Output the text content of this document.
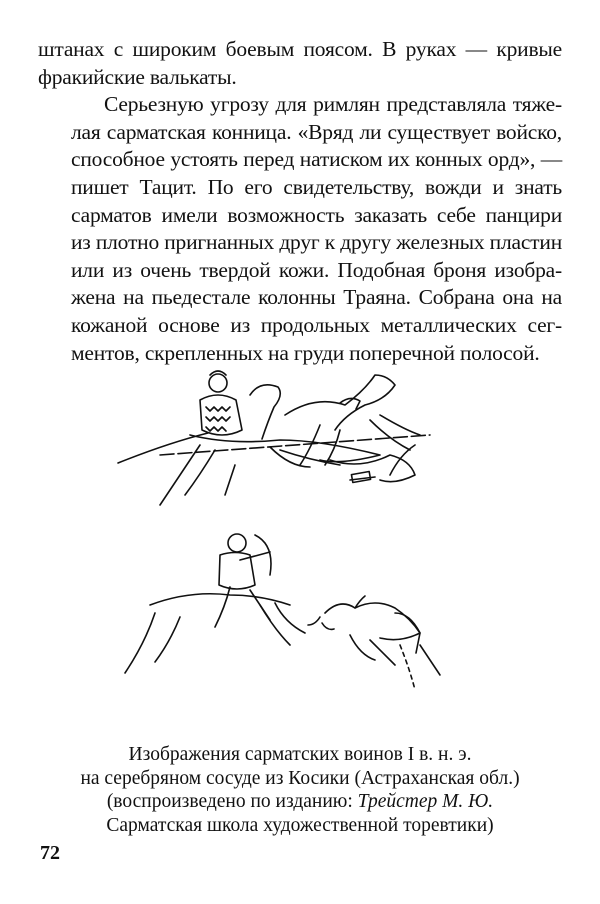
штанах с широким боевым поясом. В руках — кривые
фракийские валькаты.

Серьезную угрозу для римлян представляла тяже-
лая сарматская конница. «Вряд ли существует войско,
способное устоять перед натиском их конных орд», —
пишет Тацит. По его свидетельству, вожди и знать
сарматов имели возможность заказать себе панцири
из плотно пригнанных друг к другу железных пластин
или из очень твердой кожи. Подобная броня изобра-
жена на пьедестале колонны Траяна. Собрана она на
кожаной основе из продольных металлических сег-
ментов, скрепленных на груди поперечной полосой.

Изображения сарматских воинов I в. н. э.
на серебряном сосуде из Косики (Астраханская обл.)
(воспроизведено по изданию: Трейстер М. Ю.
Сарматская школа художественной торевтики)
72
